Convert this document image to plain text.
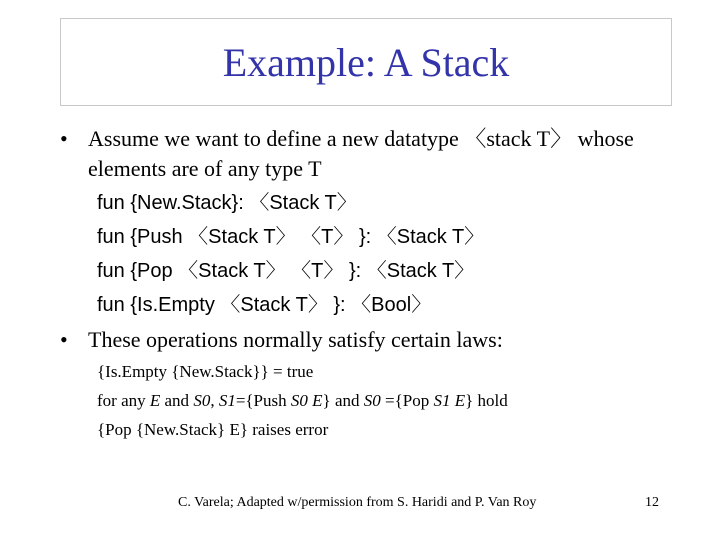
Example: A Stack
• Assume we want to define a new datatype 〈stack T〉 whose
elements are of any type T
fun {New.Stack}: 〈Stack T〉
fun {Push 〈Stack T〉 〈T〉 }: 〈Stack T〉
fun {Pop 〈Stack T〉 〈T〉 }: 〈Stack T〉
fun {Is.Empty 〈Stack T〉 }: 〈Bool〉
• These operations normally satisfy certain laws:
{Is.Empty {New.Stack}} = true
for any E and S0, S1={Push S0 E} and S0 ={Pop S1 E} hold
{Pop {New.Stack} E} raises error
C. Varela; Adapted w/permission from S. Haridi and P. Van Roy	12
